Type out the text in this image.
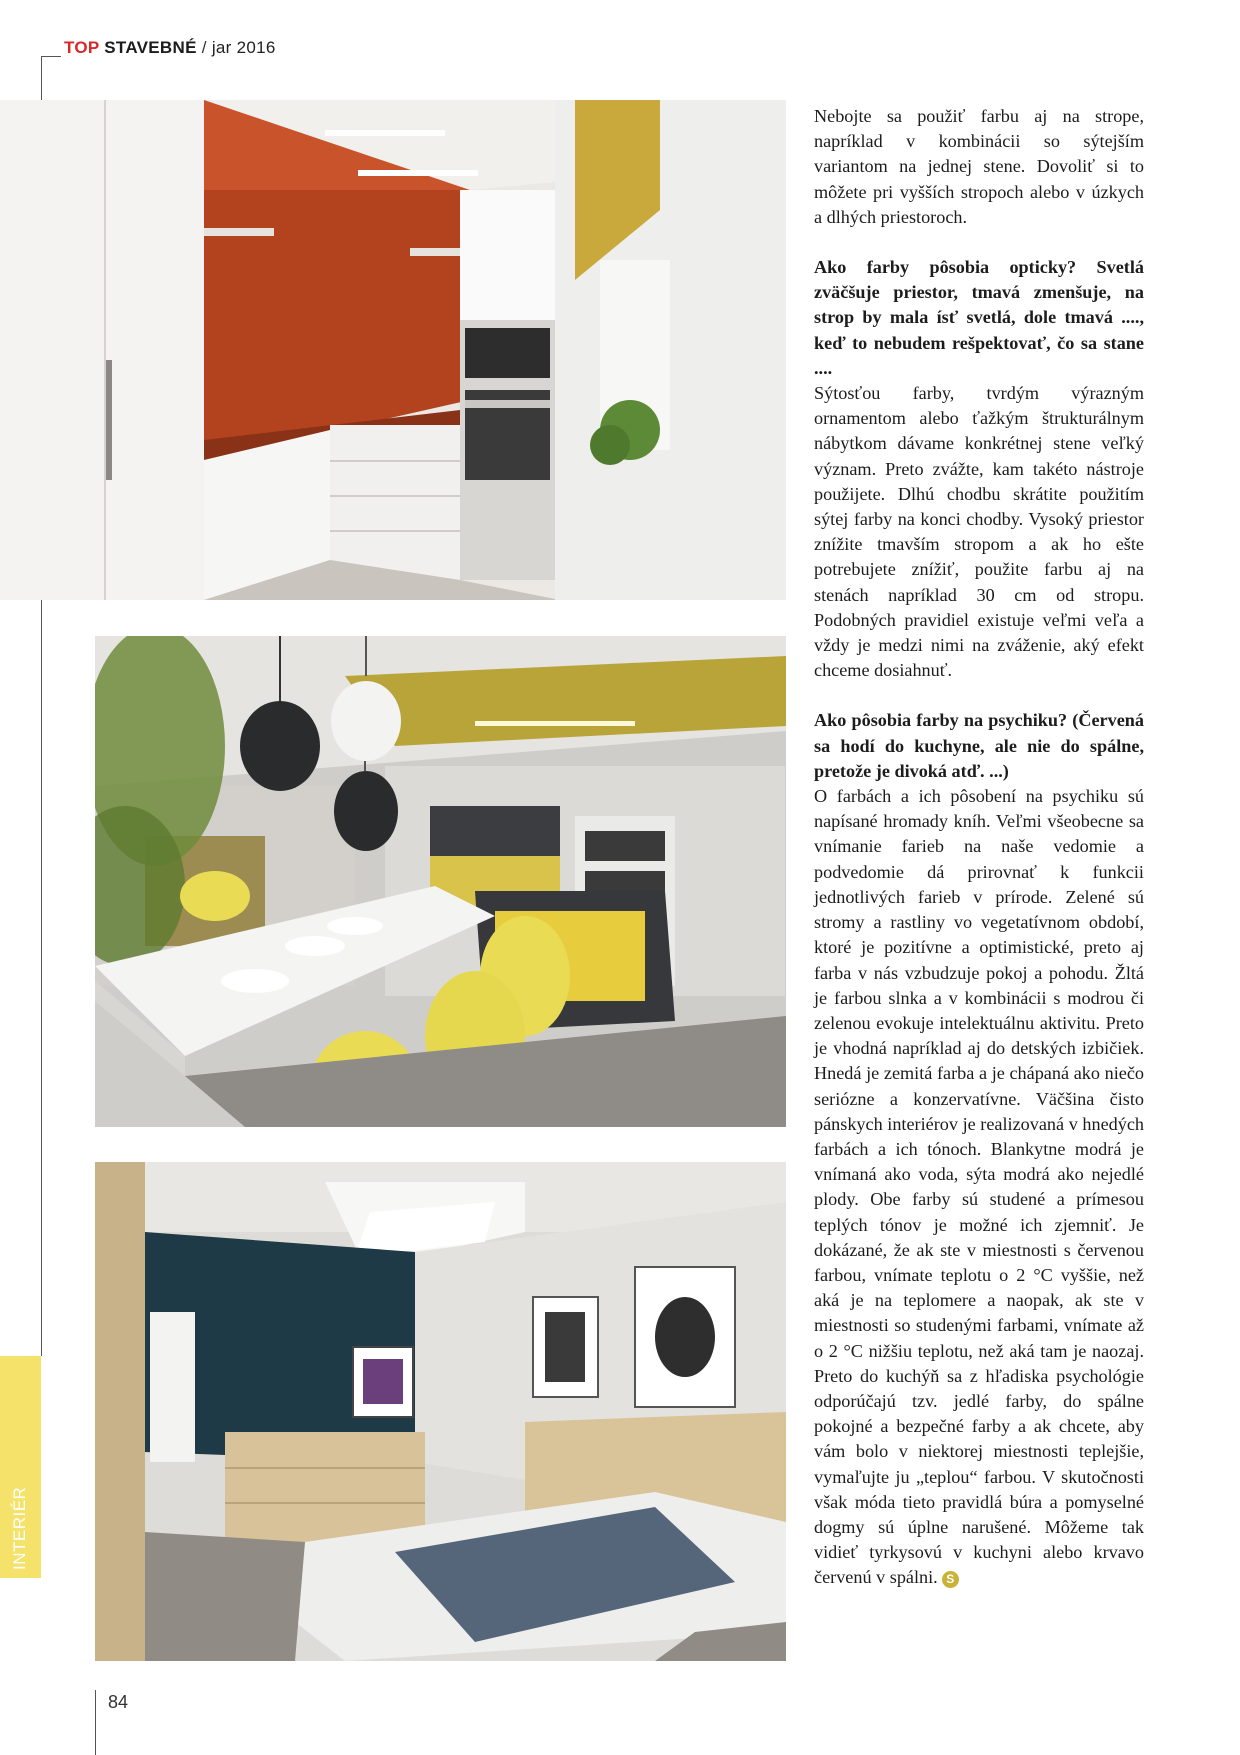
TOP STAVEBNÉ / jar 2016
INTERIÉR

Nebojte sa použiť farbu aj na strope, napríklad v kombinácii so sýtejším variantom na jednej stene. Dovoliť si to môžete pri vyšších stropoch alebo v úzkych a dlhých priestoroch.

Ako farby pôsobia opticky? Svetlá zväčšuje priestor, tmavá zmenšuje, na strop by mala ísť svetlá, dole tmavá ...., keď to nebudem rešpektovať, čo sa stane ....

Sýtosťou farby, tvrdým výrazným ornamentom alebo ťažkým štrukturálnym nábytkom dávame konkrétnej stene veľký význam. Preto zvážte, kam takéto nástroje použijete. Dlhú chodbu skrátite použitím sýtej farby na konci chodby. Vysoký priestor znížite tmavším stropom a ak ho ešte potrebujete znížiť, použite farbu aj na stenách napríklad 30 cm od stropu. Podobných pravidiel existuje veľmi veľa a vždy je medzi nimi na zváženie, aký efekt chceme dosiahnuť.

Ako pôsobia farby na psychiku? (Červená sa hodí do kuchyne, ale nie do spálne, pretože je divoká atď. ...)

O farbách a ich pôsobení na psychiku sú napísané hromady kníh. Veľmi všeobecne sa vnímanie farieb na naše vedomie a podvedomie dá prirovnať k funkcii jednotlivých farieb v prírode. Zelené sú stromy a rastliny vo vegetatívnom období, ktoré je pozitívne a optimistické, preto aj farba v nás vzbudzuje pokoj a pohodu. Žltá je farbou slnka a v kombinácii s modrou či zelenou evokuje intelektuálnu aktivitu. Preto je vhodná napríklad aj do detských izbičiek. Hnedá je zemitá farba a je chápaná ako niečo seriózne a konzervatívne. Väčšina čisto pánskych interiérov je realizovaná v hnedých farbách a ich tónoch. Blankytne modrá je vnímaná ako voda, sýta modrá ako nejedlé plody. Obe farby sú studené a prímesou teplých tónov je možné ich zjemniť. Je dokázané, že ak ste v miestnosti s červenou farbou, vnímate teplotu o 2 °C vyššie, než aká je na teplomere a naopak, ak ste v miestnosti so studenými farbami, vnímate až o 2 °C nižšiu teplotu, než aká tam je naozaj. Preto do kuchýň sa z hľadiska psychológie odporúčajú tzv. jedlé farby, do spálne pokojné a bezpečné farby a ak chcete, aby vám bolo v niektorej miestnosti teplejšie, vymaľujte ju „teplou“ farbou. V skutočnosti však móda tieto pravidlá búra a pomyselné dogmy sú úplne narušené. Môžeme tak vidieť tyrkysovú v kuchyni alebo krvavo červenú v spálni. S

84
